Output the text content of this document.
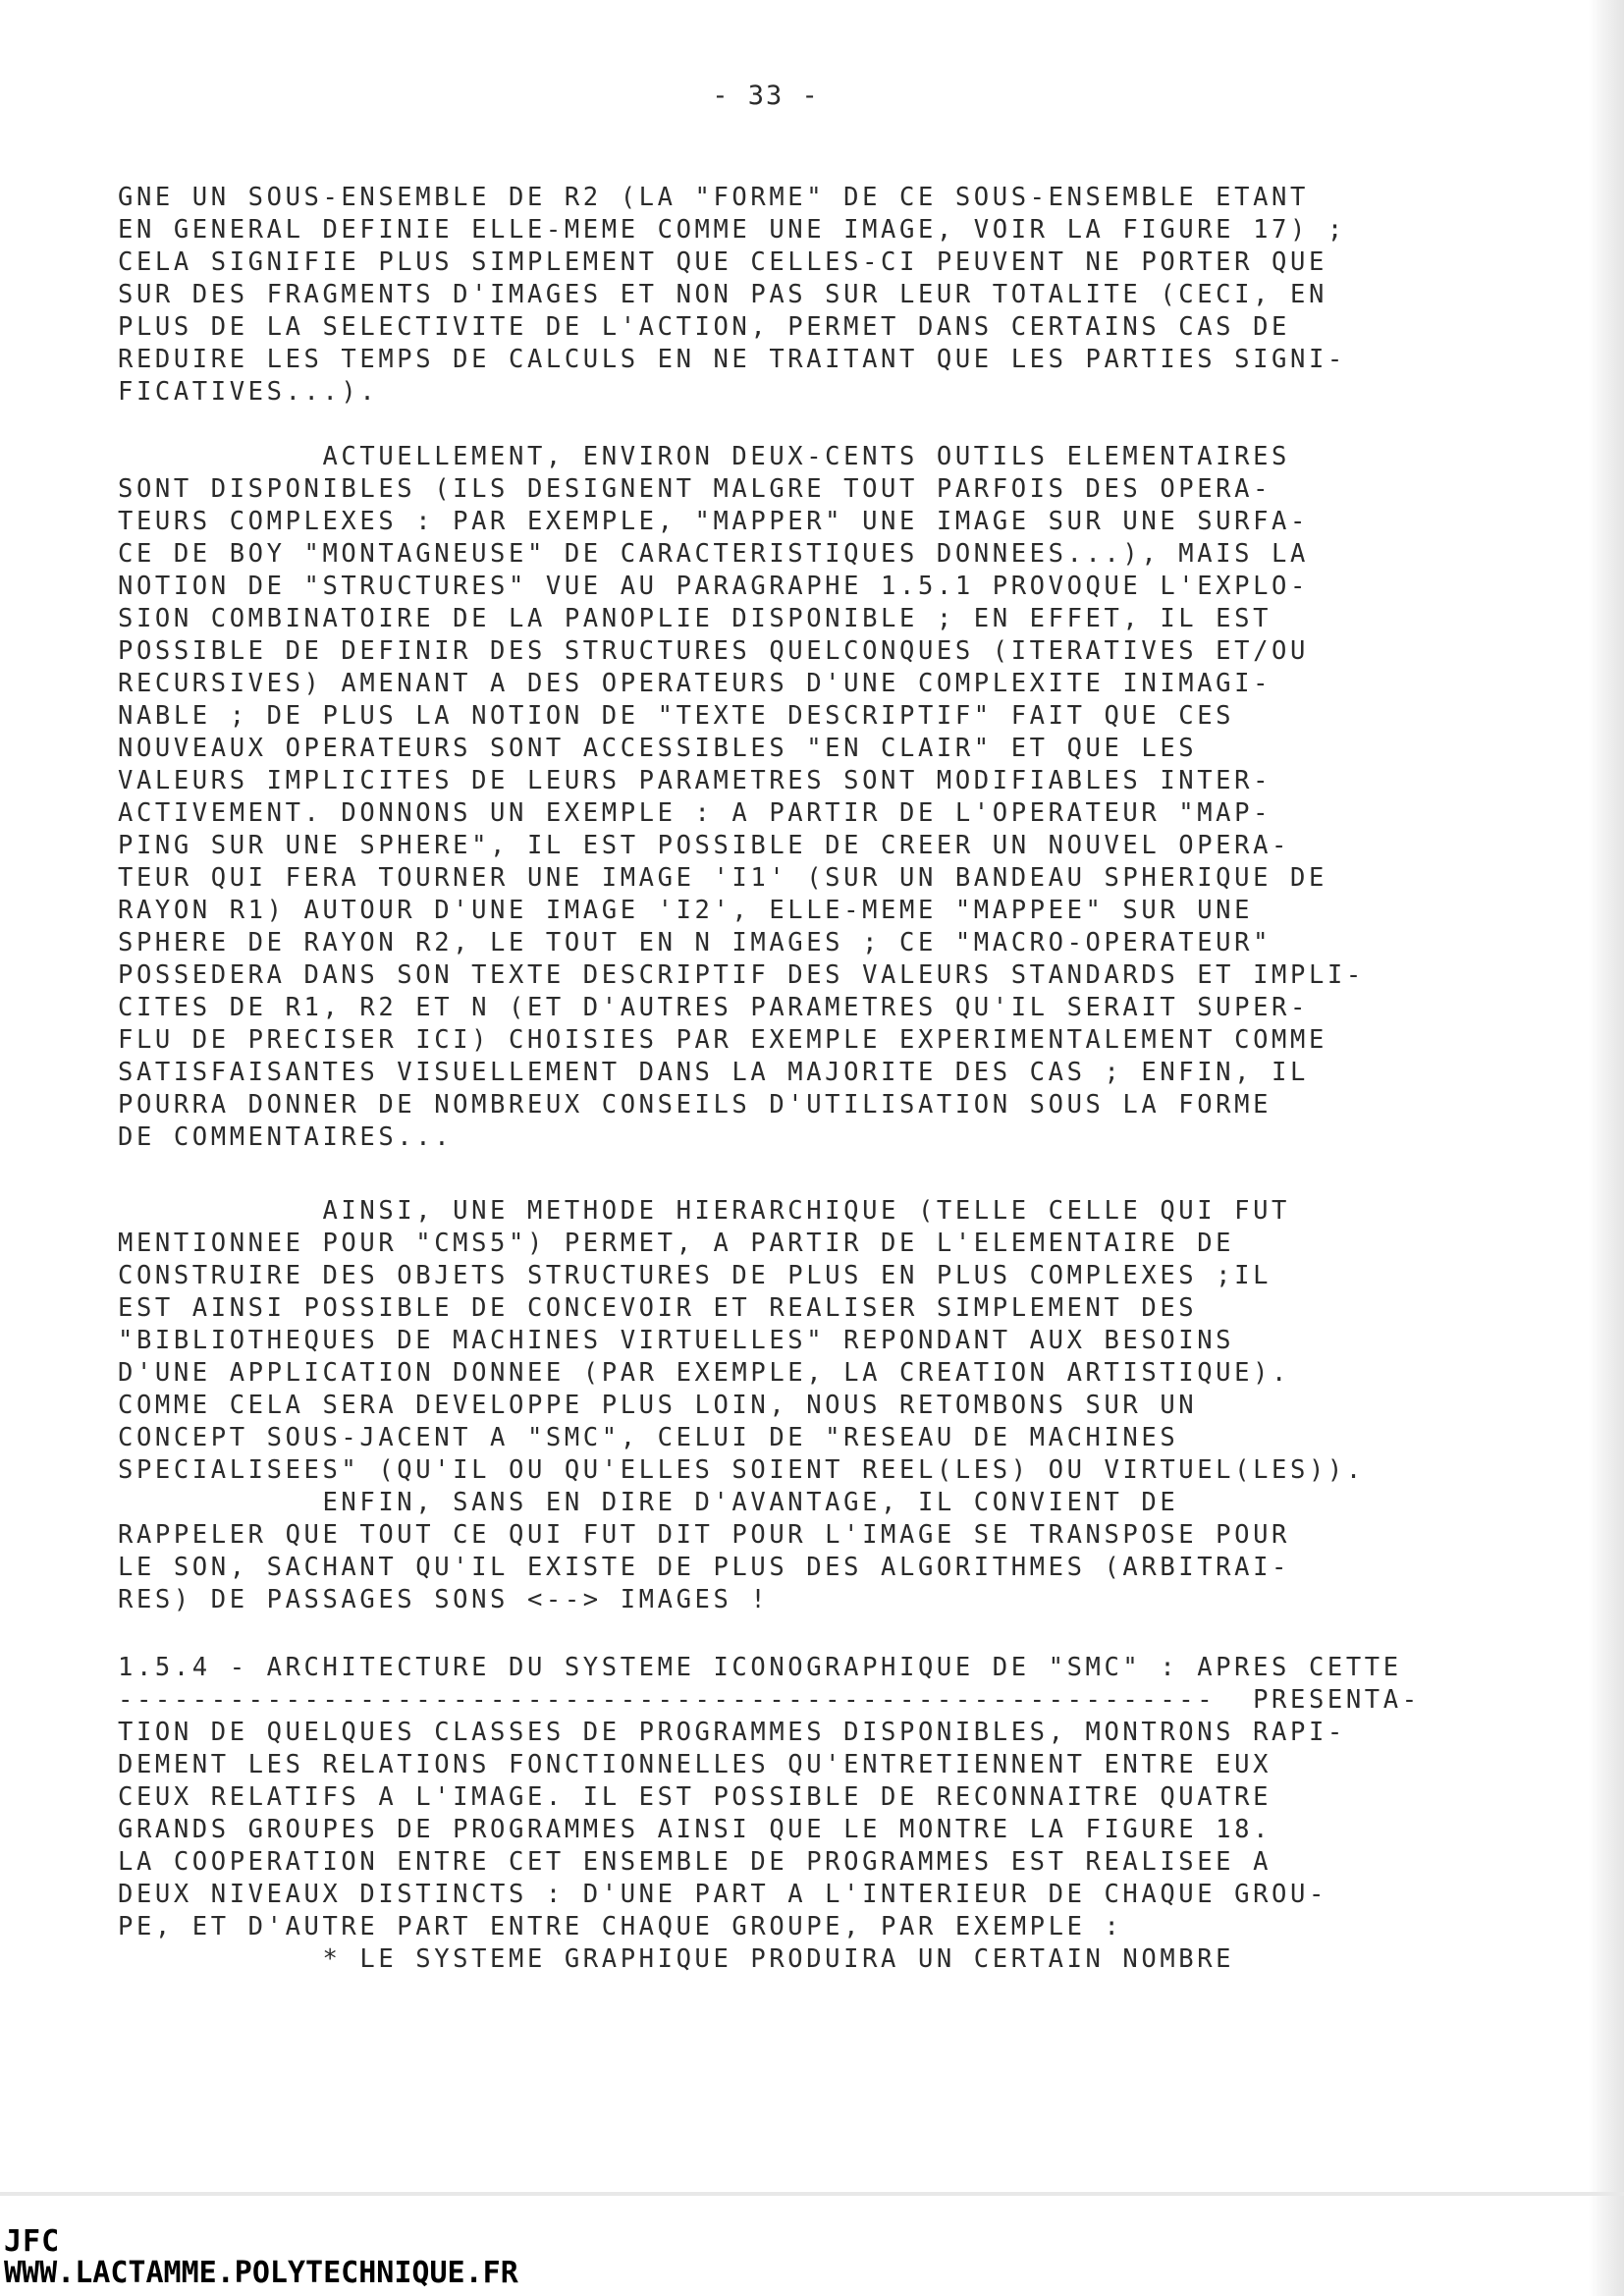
- 33 -
GNE UN SOUS-ENSEMBLE DE R2 (LA "FORME" DE CE SOUS-ENSEMBLE ETANT
EN GENERAL DEFINIE ELLE-MEME COMME UNE IMAGE, VOIR LA FIGURE 17) ;
CELA SIGNIFIE PLUS SIMPLEMENT QUE CELLES-CI PEUVENT NE PORTER QUE
SUR DES FRAGMENTS D'IMAGES ET NON PAS SUR LEUR TOTALITE (CECI, EN
PLUS DE LA SELECTIVITE DE L'ACTION, PERMET DANS CERTAINS CAS DE
REDUIRE LES TEMPS DE CALCULS EN NE TRAITANT QUE LES PARTIES SIGNI-
FICATIVES...).
ACTUELLEMENT, ENVIRON DEUX-CENTS OUTILS ELEMENTAIRES
SONT DISPONIBLES (ILS DESIGNENT MALGRE TOUT PARFOIS DES OPERA-
TEURS COMPLEXES : PAR EXEMPLE, "MAPPER" UNE IMAGE SUR UNE SURFA-
CE DE BOY "MONTAGNEUSE" DE CARACTERISTIQUES DONNEES...), MAIS LA
NOTION DE "STRUCTURES" VUE AU PARAGRAPHE 1.5.1 PROVOQUE L'EXPLO-
SION COMBINATOIRE DE LA PANOPLIE DISPONIBLE ; EN EFFET, IL EST
POSSIBLE DE DEFINIR DES STRUCTURES QUELCONQUES (ITERATIVES ET/OU
RECURSIVES) AMENANT A DES OPERATEURS D'UNE COMPLEXITE INIMAGI-
NABLE ; DE PLUS LA NOTION DE "TEXTE DESCRIPTIF" FAIT QUE CES
NOUVEAUX OPERATEURS SONT ACCESSIBLES "EN CLAIR" ET QUE LES
VALEURS IMPLICITES DE LEURS PARAMETRES SONT MODIFIABLES INTER-
ACTIVEMENT. DONNONS UN EXEMPLE : A PARTIR DE L'OPERATEUR "MAP-
PING SUR UNE SPHERE", IL EST POSSIBLE DE CREER UN NOUVEL OPERA-
TEUR QUI FERA TOURNER UNE IMAGE 'I1' (SUR UN BANDEAU SPHERIQUE DE
RAYON R1) AUTOUR D'UNE IMAGE 'I2', ELLE-MEME "MAPPEE" SUR UNE
SPHERE DE RAYON R2, LE TOUT EN N IMAGES ; CE "MACRO-OPERATEUR"
POSSEDERA DANS SON TEXTE DESCRIPTIF DES VALEURS STANDARDS ET IMPLI-
CITES DE R1, R2 ET N (ET D'AUTRES PARAMETRES QU'IL SERAIT SUPER-
FLU DE PRECISER ICI) CHOISIES PAR EXEMPLE EXPERIMENTALEMENT COMME
SATISFAISANTES VISUELLEMENT DANS LA MAJORITE DES CAS ; ENFIN, IL
POURRA DONNER DE NOMBREUX CONSEILS D'UTILISATION SOUS LA FORME
DE COMMENTAIRES...
AINSI, UNE METHODE HIERARCHIQUE (TELLE CELLE QUI FUT
MENTIONNEE POUR "CMS5") PERMET, A PARTIR DE L'ELEMENTAIRE DE
CONSTRUIRE DES OBJETS STRUCTURES DE PLUS EN PLUS COMPLEXES ;IL
EST AINSI POSSIBLE DE CONCEVOIR ET REALISER SIMPLEMENT DES
"BIBLIOTHEQUES DE MACHINES VIRTUELLES" REPONDANT AUX BESOINS
D'UNE APPLICATION DONNEE (PAR EXEMPLE, LA CREATION ARTISTIQUE).
COMME CELA SERA DEVELOPPE PLUS LOIN, NOUS RETOMBONS SUR UN
CONCEPT SOUS-JACENT A "SMC", CELUI DE "RESEAU DE MACHINES
SPECIALISEES" (QU'IL OU QU'ELLES SOIENT REEL(LES) OU VIRTUEL(LES)).
ENFIN, SANS EN DIRE D'AVANTAGE, IL CONVIENT DE
RAPPELER QUE TOUT CE QUI FUT DIT POUR L'IMAGE SE TRANSPOSE POUR
LE SON, SACHANT QU'IL EXISTE DE PLUS DES ALGORITHMES (ARBITRAI-
RES) DE PASSAGES SONS <--> IMAGES !
1.5.4 - ARCHITECTURE DU SYSTEME ICONOGRAPHIQUE DE "SMC" : APRES CETTE
-----------------------------------------------------------  PRESENTA-
TION DE QUELQUES CLASSES DE PROGRAMMES DISPONIBLES, MONTRONS RAPI-
DEMENT LES RELATIONS FONCTIONNELLES QU'ENTRETIENNENT ENTRE EUX
CEUX RELATIFS A L'IMAGE. IL EST POSSIBLE DE RECONNAITRE QUATRE
GRANDS GROUPES DE PROGRAMMES AINSI QUE LE MONTRE LA FIGURE 18.
LA COOPERATION ENTRE CET ENSEMBLE DE PROGRAMMES EST REALISEE A
DEUX NIVEAUX DISTINCTS : D'UNE PART A L'INTERIEUR DE CHAQUE GROU-
PE, ET D'AUTRE PART ENTRE CHAQUE GROUPE, PAR EXEMPLE :
* LE SYSTEME GRAPHIQUE PRODUIRA UN CERTAIN NOMBRE
JFC
WWW.LACTAMME.POLYTECHNIQUE.FR
